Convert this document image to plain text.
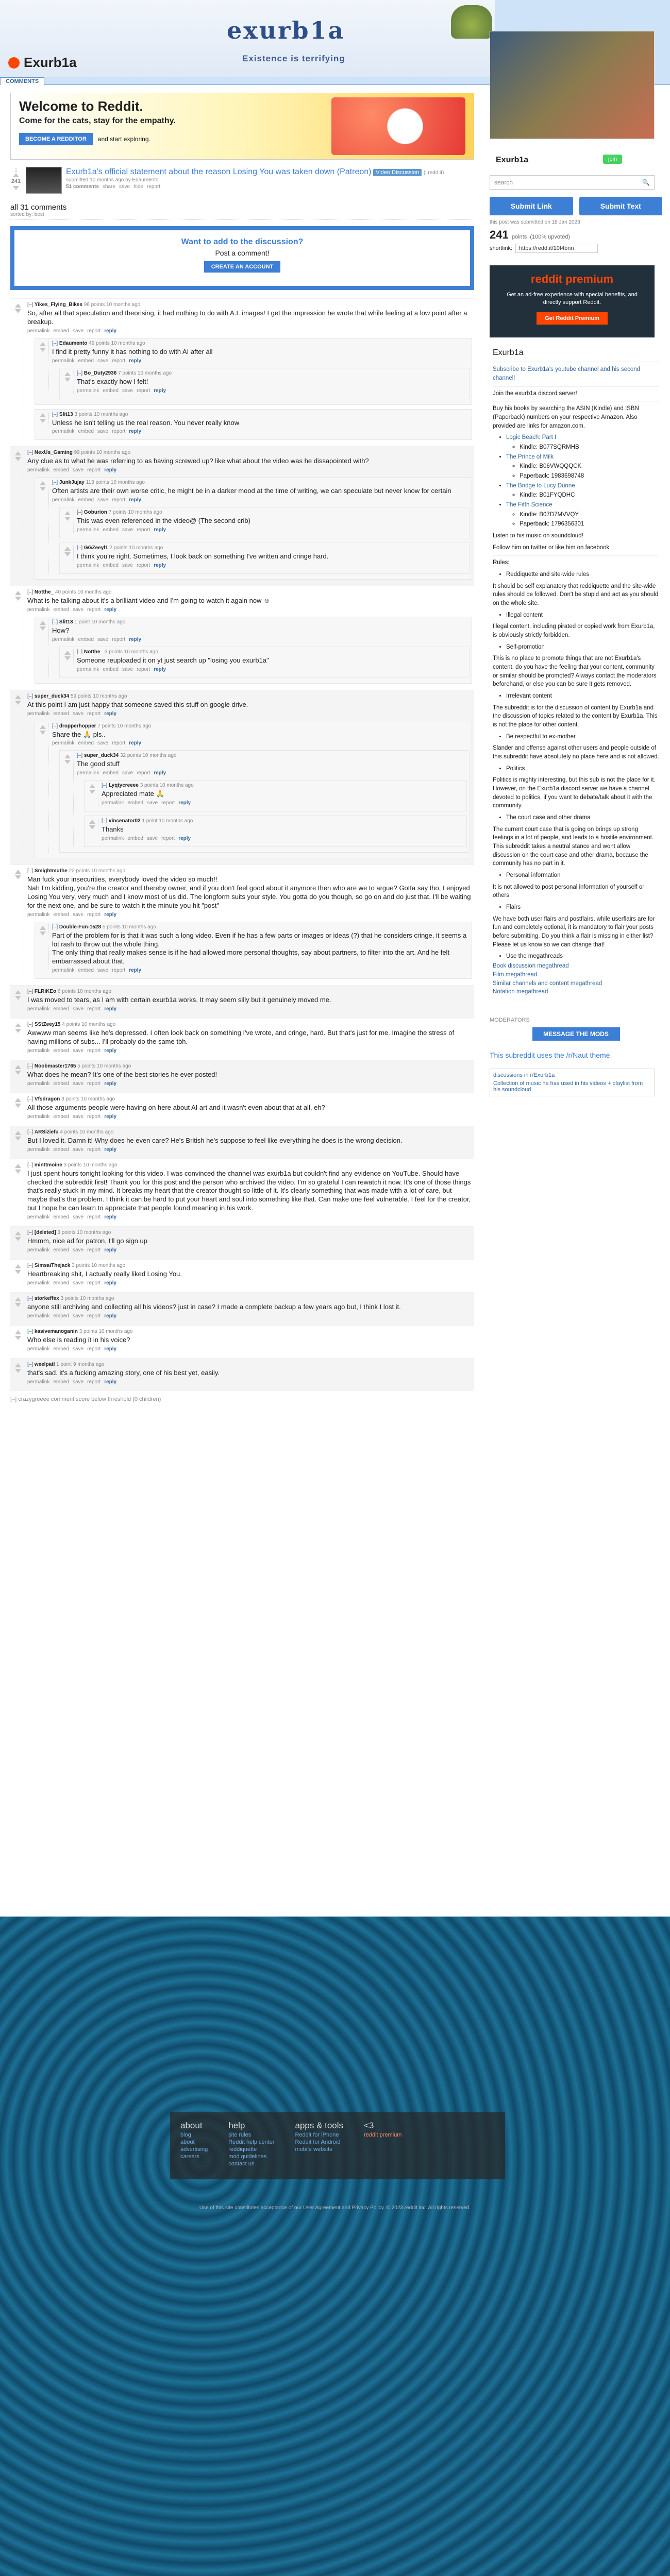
exurb1a
Existence is terrifying
Exurb1a
COMMENTS
Exurb1a	join
search	🔍
Submit Link	Submit Text
this post was submitted on 18 Jan 2023
241 points (100% upvoted)
shortlink:	https://redd.it/10f4bnn
reddit premium
Get an ad-free experience with special benefits, and directly support Reddit.
Get Reddit Premium
Exurb1a

Subscribe to Exurb1a's youtube channel and his second channel!

Join the exurb1a discord server!

Buy his books by searching the ASIN (Kindle) and ISBN (Paperback) numbers on your respective Amazon. Also provided are links for amazon.com.

• Logic Beach: Part I
◦ Kindle: B077SQRMHB
• The Prince of Milk
◦ Kindle: B06VWQQQCK
◦ Paperback: 1983698748
• The Bridge to Lucy Dunne
◦ Kindle: B01FYQDHC
• The Fifth Science
◦ Kindle: B07D7MVVQY
◦ Paperback: 1796356301

Listen to his music on soundcloud!

Follow him on twitter or like him on facebook

Rules:

• Reddiquette and site-wide rules

It should be self explanatory that reddiquette and the site-wide rules should be followed. Don't be stupid and act as you should on the whole site.

• Illegal content

Illegal content, including pirated or copied work from Exurb1a, is obviously strictly forbidden.

• Self-promotion

This is no place to promote things that are not Exurb1a's content, do you have the feeling that your content, community or similar should be promoted? Always contact the moderators beforehand, or else you can be sure it gets removed.

• Irrelevant content

The subreddit is for the discussion of content by Exurb1a and the discussion of topics related to the content by Exurb1a. This is not the place for other content.

• Be respectful to ex-mother

Slander and offense against other users and people outside of this subreddit have absolutely no place here and is not allowed.

• Politics

Politics is mighty interesting, but this sub is not the place for it. However, on the Exurb1a discord server we have a channel devoted to politics, if you want to debate/talk about it with the community.

• The court case and other drama

The current court case that is going on brings up strong feelings in a lot of people, and leads to a hostile environment. This subreddit takes a neutral stance and wont allow discussion on the court case and other drama, because the community has no part in it.

• Personal information

It is not allowed to post personal information of yourself or others

• Flairs

We have both user flairs and postflairs, while userflairs are for fun and completely optional, it is mandatory to flair your posts before submitting. Do you think a flair is missing in either list? Please let us know so we can change that!

• Use the megathreads
Book discussion megathread
Film megathread
Similar channels and content megathread
Notation megathread
MODERATORS
MESSAGE THE MODS
This subreddit uses the /r/Naut theme.
discussions in r/Exurb1a
Collection of music he has used in his videos + playlist from his soundcloud
Welcome to Reddit.
Come for the cats, stay for the empathy.
BECOME A REDDITOR	and start exploring.
1
241
Exurb1a's official statement about the reason Losing You was taken down (Patreon) Video Discussion (i.redd.it)
submitted 10 months ago by Edaumento
51 comments share save hide report
all 31 comments
sorted by: best
Want to add to the discussion?
Post a comment!
CREATE AN ACCOUNT
[–] Yikes_Flying_Bikes 96 points 10 months ago
So, after all that speculation and theorising, it had nothing to do with A.I. images! I get the impression he wrote that while feeling at a low point after a breakup.
permalink embed save report reply
[–] Edaumento 49 points 10 months ago
I find it pretty funny it has nothing to do with AI after all
permalink embed save report reply
[–] Bo_Duty2936 7 points 10 months ago
That's exactly how I felt!
permalink embed save report reply
[–] Slit13 3 points 10 months ago
Unless he isn't telling us the real reason. You never really know
permalink embed save report reply
[–] NexUs_Gaming 99 points 10 months ago
Any clue as to what he was referring to as having screwed up? like what about the video was he dissapointed with?
permalink embed save report reply
[–] JunkJujay 113 points 10 months ago
Often artists are their own worse critic, he might be in a darker mood at the time of writing, we can speculate but never know for certain
permalink embed save report reply
[–] Goburion 7 points 10 months ago
This was even referenced in the video@ (The second crib)
permalink embed save report reply
[–] GGZeeyl1 2 points 10 months ago
I think you're right. Sometimes, I look back on something I've written and cringe hard.
permalink embed save report reply
[–] Notthe_ 40 points 10 months ago
What is he talking about it's a brilliant video and I'm going to watch it again now ☺
permalink embed save report reply
[–] Slit13 1 point 10 months ago
How?
permalink embed save report reply
[–] Notthe_ 3 points 10 months ago
Someone reuploaded it on yt just search up "losing you exurb1a"
permalink embed save report reply
[–] super_duck34 59 points 10 months ago
At this point I am just happy that someone saved this stuff on google drive.
permalink embed save report reply
[–] dropperhopper 7 points 10 months ago
Share the 🙏 pls..
permalink embed save report reply
[–] super_duck34 32 points 10 months ago
The good stuff
permalink embed save report reply
[–] Lyqtycreeee 3 points 10 months ago
Appreciated mate 🙏
permalink embed save report reply
[–] vincenator02 1 point 10 months ago
Thanks
permalink embed save report reply
[–] Smightmuthe 22 points 10 months ago
Man fuck your insecurities, everybody loved the video so much!!
Nah I'm kidding, you're the creator and thereby owner, and if you don't feel good about it anymore then who are we to argue? Gotta say tho, I enjoyed Losing You very, very much and I know most of us did. The longform suits your style. You gotta do you though, so go on and do just that. I'll be waiting for the next one, and be sure to watch it the minute you hit "post"
permalink embed save report reply
[–] Double-Fun-1528 5 points 10 months ago
Part of the problem for is that it was such a long video. Even if he has a few parts or images or ideas (?) that he considers cringe, it seems a lot rash to throw out the whole thing.
The only thing that really makes sense is if he had allowed more personal thoughts, say about partners, to filter into the art. And he felt embarrassed about that.
permalink embed save report reply
[–] FLRiKEo 6 points 10 months ago
I was moved to tears, as I am with certain exurb1a works. It may seem silly but it genuinely moved me.
permalink embed save report reply
[–] SStZeey15 4 points 10 months ago
Awwww man seems like he's depressed. I often look back on something I've wrote, and cringe, hard. But that's just for me. Imagine the stress of having millions of subs... I'll probably do the same tbh.
permalink embed save report reply
[–] Noobmaster1765 5 points 10 months ago
What does he mean? It's one of the best stories he ever posted!
permalink embed save report reply
[–] Vfsdragon 3 points 10 months ago
All those arguments people were having on here about AI art and it wasn't even about that at all, eh?
permalink embed save report reply
[–] ARSiziefu 4 points 10 months ago
But I loved it. Damn it! Why does he even care? He's British he's suppose to feel like everything he does is the wrong decision.
permalink embed save report reply
[–] minttmoine 3 points 10 months ago
I just spent hours tonight looking for this video. I was convinced the channel was exurb1a but couldn't find any evidence on YouTube. Should have checked the subreddit first! Thank you for this post and the person who archived the video. I'm so grateful I can rewatch it now. It's one of those things that's really stuck in my mind. It breaks my heart that the creator thought so little of it. It's clearly something that was made with a lot of care, but maybe that's the problem. I think it can be hard to put your heart and soul into something like that. Can make one feel vulnerable. I feel for the creator, but I hope he can learn to appreciate that people found meaning in his work.
permalink embed save report reply
[–] [deleted] 3 points 10 months ago
Hmmm, nice ad for patron, I'll go sign up
permalink embed save report reply
[–] SimsaiThejack 3 points 10 months ago
Heartbreaking shit, I actually really liked Losing You.
permalink embed save report reply
[–] storkeffex 3 points 10 months ago
anyone still archiving and collecting all his videos? just in case? I made a complete backup a few years ago but, I think I lost it.
permalink embed save report reply
[–] kasivemanoganin 3 points 10 months ago
Who else is reading it in his voice?
permalink embed save report reply
[–] weelpatl 1 point 9 months ago
that's sad. it's a fucking amazing story, one of his best yet, easily.
permalink embed save report reply
[–] crazygreeee comment score below threshold (0 children)
about
blog
about
advertising
careers
help
site rules
Reddit help center
reddiquette
mod guidelines
contact us
apps & tools
Reddit for iPhone
Reddit for Android
mobile website
<3
reddit premium
Use of this site constitutes acceptance of our User Agreement and Privacy Policy. © 2023 reddit inc. All rights reserved.
